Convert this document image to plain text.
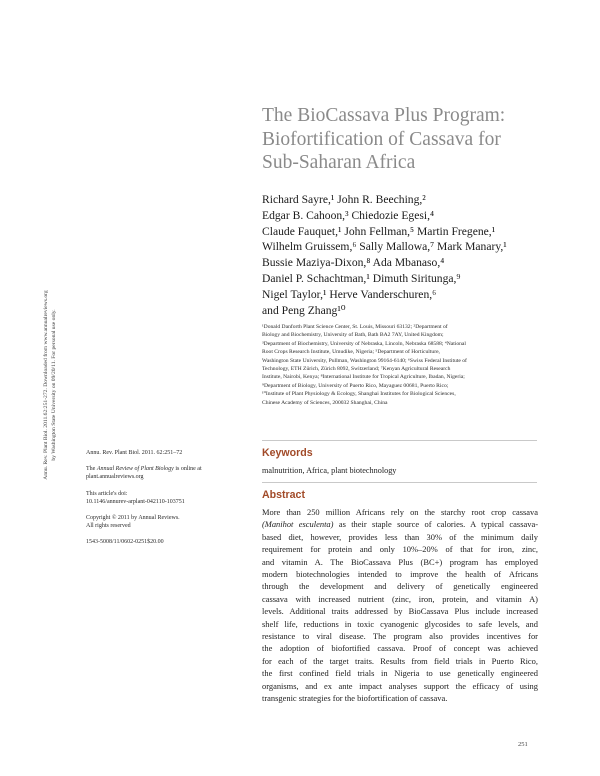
The BioCassava Plus Program:
Biofortification of Cassava for
Sub-Saharan Africa
Richard Sayre,¹ John R. Beeching,²
Edgar B. Cahoon,³ Chiedozie Egesi,⁴
Claude Fauquet,¹ John Fellman,⁵ Martin Fregene,¹
Wilhelm Gruissem,⁶ Sally Mallowa,⁷ Mark Manary,¹
Bussie Maziya-Dixon,⁸ Ada Mbanaso,⁴
Daniel P. Schachtman,¹ Dimuth Siritunga,⁹
Nigel Taylor,¹ Herve Vanderschuren,⁶
and Peng Zhang¹⁰
¹Donald Danforth Plant Science Center, St. Louis, Missouri 63132; ²Department of
Biology and Biochemistry, University of Bath, Bath BA2 7AY, United Kingdom;
³Department of Biochemistry, University of Nebraska, Lincoln, Nebraska 68588; ⁴National
Root Crops Research Institute, Umudike, Nigeria; ⁵Department of Horticulture,
Washington State University, Pullman, Washington 99164-6140; ⁶Swiss Federal Institute of
Technology, ETH Zürich, Zürich 8092, Switzerland; ⁷Kenyan Agricultural Research
Institute, Nairobi, Kenya; ⁸International Institute for Tropical Agriculture, Ibadan, Nigeria;
⁹Department of Biology, University of Puerto Rico, Mayaguez 00681, Puerto Rico;
¹⁰Institute of Plant Physiology & Ecology, Shanghai Institutes for Biological Sciences,
Chinese Academy of Sciences, 200032 Shanghai, China
Annu. Rev. Plant Biol. 2011.62:251-272. Downloaded from www.annualreviews.org by Washington State University on 09/20/11. For personal use only.	Annu. Rev. Plant Biol. 2011. 62:251–72
The Annual Review of Plant Biology is online at
plant.annualreviews.org
This article's doi:
10.1146/annurev-arplant-042110-103751
Copyright © 2011 by Annual Reviews.
All rights reserved
1543-5008/11/0602-0251$20.00
Keywords
malnutrition, Africa, plant biotechnology
Abstract
More than 250 million Africans rely on the starchy root crop cassava
(Manihot esculenta) as their staple source of calories. A typical cassava-
based diet, however, provides less than 30% of the minimum daily
requirement for protein and only 10%–20% of that for iron, zinc,
and vitamin A. The BioCassava Plus (BC+) program has employed
modern biotechnologies intended to improve the health of Africans
through the development and delivery of genetically engineered
cassava with increased nutrient (zinc, iron, protein, and vitamin A)
levels. Additional traits addressed by BioCassava Plus include increased
shelf life, reductions in toxic cyanogenic glycosides to safe levels, and
resistance to viral disease. The program also provides incentives for
the adoption of biofortified cassava. Proof of concept was achieved
for each of the target traits. Results from field trials in Puerto Rico,
the first confined field trials in Nigeria to use genetically engineered
organisms, and ex ante impact analyses support the efficacy of using
transgenic strategies for the biofortification of cassava.
251
